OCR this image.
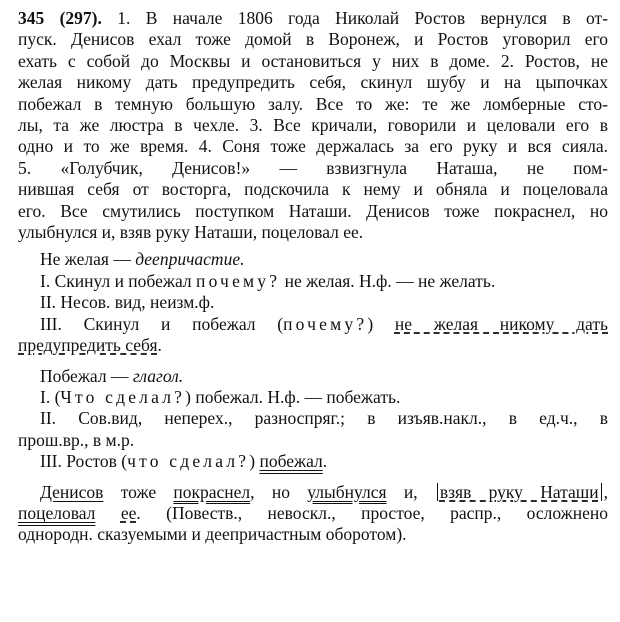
345 (297). 1. В начале 1806 года Николай Ростов вернулся в от-
пуск. Денисов ехал тоже домой в Воронеж, и Ростов уговорил его
ехать с собой до Москвы и остановиться у них в доме. 2. Ростов, не
желая никому дать предупредить себя, скинул шубу и на цыпочках
побежал в темную большую залу. Все то же: те же ломберные сто-
лы, та же люстра в чехле. 3. Все кричали, говорили и целовали его в
одно и то же время. 4. Соня тоже держалась за его руку и вся сияла.
5. «Голубчик, Денисов!» — взвизгнула Наташа, не пом-
нившая себя от восторга, подскочила к нему и обняла и поцеловала
его. Все смутились поступком Наташи. Денисов тоже покраснел, но
улыбнулся и, взяв руку Наташи, поцеловал ее.
Не желая — деепричастие.
I. Скинул и побежал почему? не желая. Н.ф. — не желать.
II. Несов. вид, неизм.ф.
III. Скинул и побежал (почему?) не желая никому дать
предупредить себя.
Побежал — глагол.
I. (Что сделал?) побежал. Н.ф. — побежать.
II. Сов.вид, неперех., разноспряг.; в изъяв.накл., в ед.ч., в
прош.вр., в м.р.
III. Ростов (что сделал?) побежал.
Денисов тоже покраснел, но улыбнулся и, взяв руку Наташи ,
поцеловал ее. (Повеств., невоскл., простое, распр., осложнено
однородн. сказуемыми и деепричастным оборотом).
